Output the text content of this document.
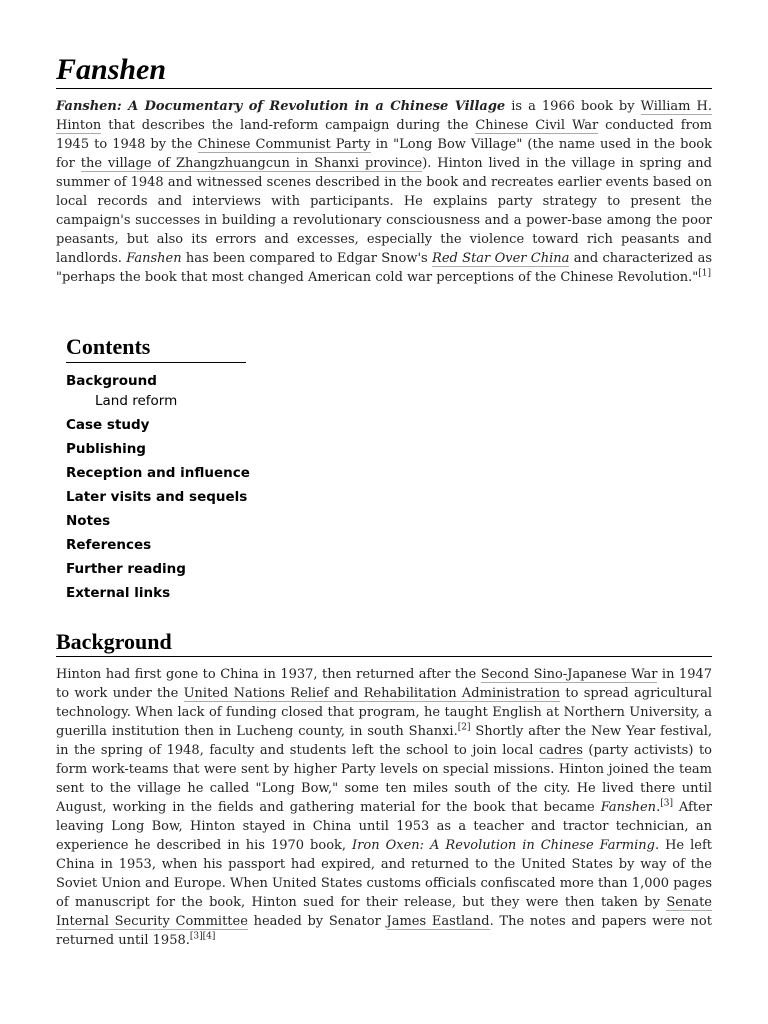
Fanshen

Fanshen: A Documentary of Revolution in a Chinese Village is a 1966 book by William H. Hinton that describes the land-reform campaign during the Chinese Civil War conducted from 1945 to 1948 by the Chinese Communist Party in "Long Bow Village" (the name used in the book for the village of Zhangzhuangcun in Shanxi province). Hinton lived in the village in spring and summer of 1948 and witnessed scenes described in the book and recreates earlier events based on local records and interviews with participants. He explains party strategy to present the campaign's successes in building a revolutionary consciousness and a power-base among the poor peasants, but also its errors and excesses, especially the violence toward rich peasants and landlords. Fanshen has been compared to Edgar Snow's Red Star Over China and characterized as "perhaps the book that most changed American cold war perceptions of the Chinese Revolution."[1]

Contents
Background
Land reform
Case study
Publishing
Reception and influence
Later visits and sequels
Notes
References
Further reading
External links
Background

Hinton had first gone to China in 1937, then returned after the Second Sino-Japanese War in 1947 to work under the United Nations Relief and Rehabilitation Administration to spread agricultural technology. When lack of funding closed that program, he taught English at Northern University, a guerilla institution then in Lucheng county, in south Shanxi.[2] Shortly after the New Year festival, in the spring of 1948, faculty and students left the school to join local cadres (party activists) to form work-teams that were sent by higher Party levels on special missions. Hinton joined the team sent to the village he called "Long Bow," some ten miles south of the city. He lived there until August, working in the fields and gathering material for the book that became Fanshen.[3] After leaving Long Bow, Hinton stayed in China until 1953 as a teacher and tractor technician, an experience he described in his 1970 book, Iron Oxen: A Revolution in Chinese Farming. He left China in 1953, when his passport had expired, and returned to the United States by way of the Soviet Union and Europe. When United States customs officials confiscated more than 1,000 pages of manuscript for the book, Hinton sued for their release, but they were then taken by Senate Internal Security Committee headed by Senator James Eastland. The notes and papers were not returned until 1958.[3][4]
